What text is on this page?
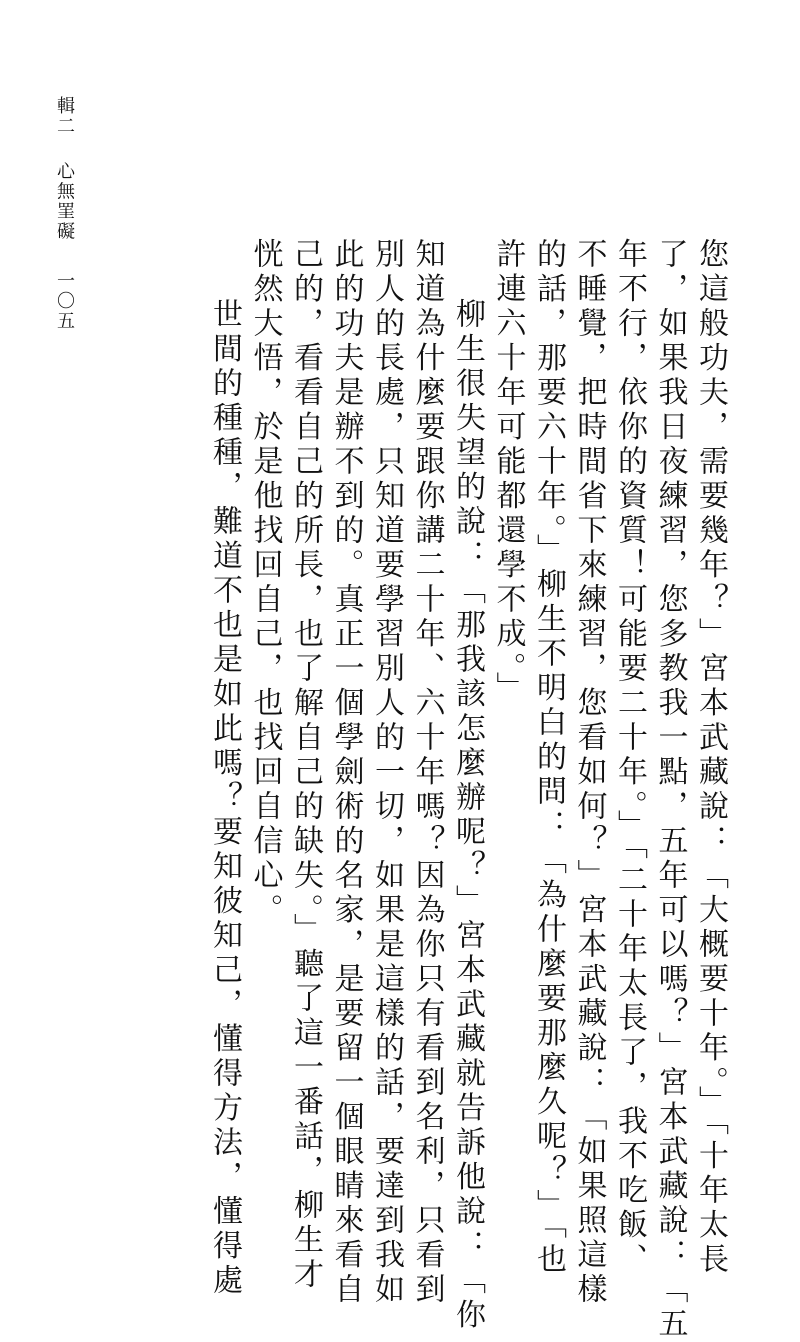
輯二 心無罣礙 一〇五	您這般功夫，需要幾年？」宮本武藏說：「大概要十年。」「十年太長
了，如果我日夜練習，您多教我一點，五年可以嗎？」宮本武藏說：「五
年不行，依你的資質！可能要二十年。」「二十年太長了，我不吃飯、
不睡覺，把時間省下來練習，您看如何？」宮本武藏說：「如果照這樣
的話，那要六十年。」柳生不明白的問：「為什麼要那麼久呢？」「也
許連六十年可能都還學不成。」
柳生很失望的說：「那我該怎麼辦呢？」宮本武藏就告訴他說：「你
知道為什麼要跟你講二十年、六十年嗎？因為你只有看到名利，只看到
別人的長處，只知道要學習別人的一切，如果是這樣的話，要達到我如
此的功夫是辦不到的。真正一個學劍術的名家，是要留一個眼睛來看自
己的，看看自己的所長，也了解自己的缺失。」聽了這一番話，柳生才
恍然大悟，於是他找回自己，也找回自信心。
世間的種種，難道不也是如此嗎？要知彼知己，懂得方法，懂得處
